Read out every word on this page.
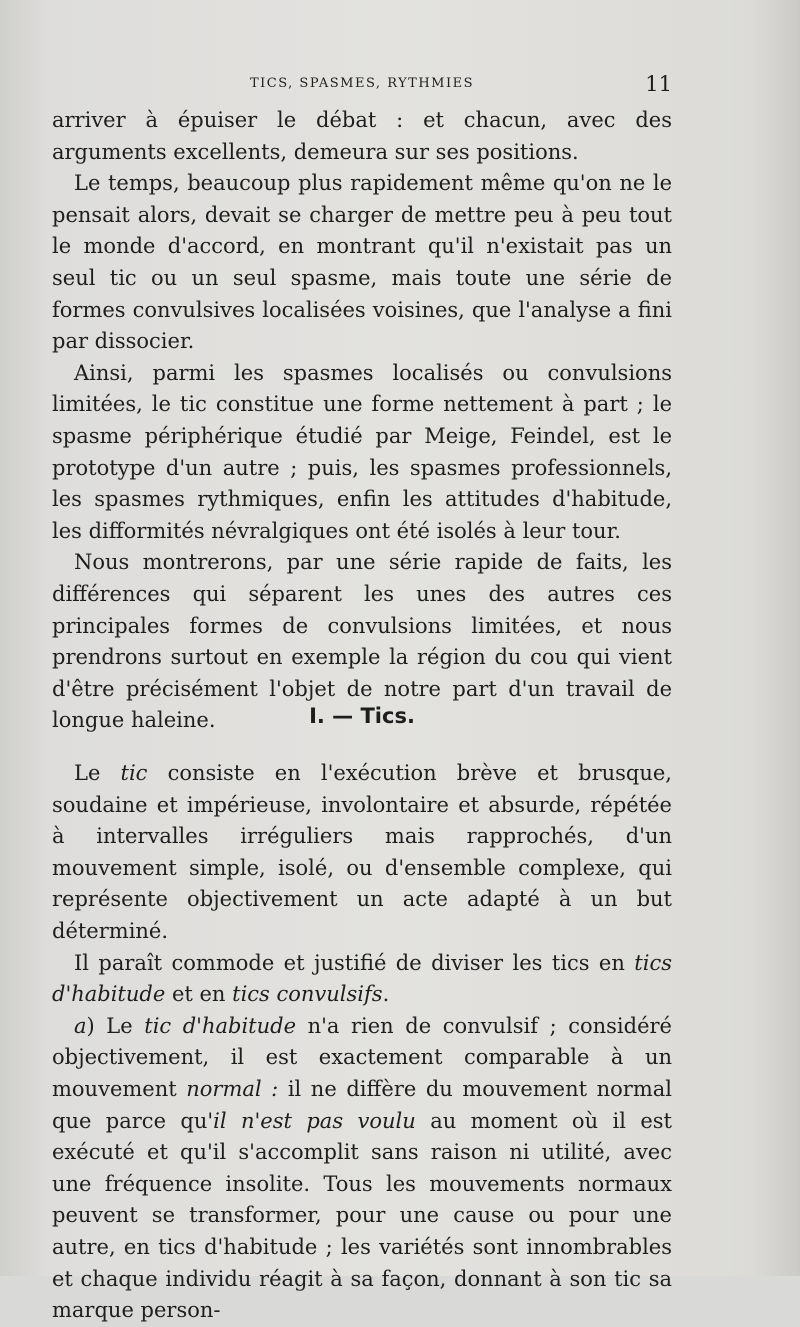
TICS, SPASMES, RYTHMIES	11

arriver à épuiser le débat : et chacun, avec des arguments excellents, demeura sur ses positions.

Le temps, beaucoup plus rapidement même qu'on ne le pensait alors, devait se charger de mettre peu à peu tout le monde d'accord, en montrant qu'il n'existait pas un seul tic ou un seul spasme, mais toute une série de formes convulsives localisées voisines, que l'analyse a fini par dissocier.

Ainsi, parmi les spasmes localisés ou convulsions limitées, le tic constitue une forme nettement à part ; le spasme périphérique étudié par Meige, Feindel, est le prototype d'un autre ; puis, les spasmes professionnels, les spasmes rythmiques, enfin les attitudes d'habitude, les difformités névralgiques ont été isolés à leur tour.

Nous montrerons, par une série rapide de faits, les différences qui séparent les unes des autres ces principales formes de convulsions limitées, et nous prendrons surtout en exemple la région du cou qui vient d'être précisément l'objet de notre part d'un travail de longue haleine.	I. — Tics.

Le tic consiste en l'exécution brève et brusque, soudaine et impérieuse, involontaire et absurde, répétée à intervalles irréguliers mais rapprochés, d'un mouvement simple, isolé, ou d'ensemble complexe, qui représente objectivement un acte adapté à un but déterminé.

Il paraît commode et justifié de diviser les tics en tics d'habitude et en tics convulsifs.

a) Le tic d'habitude n'a rien de convulsif ; considéré objectivement, il est exactement comparable à un mouvement normal : il ne diffère du mouvement normal que parce qu'il n'est pas voulu au moment où il est exécuté et qu'il s'accomplit sans raison ni utilité, avec une fréquence insolite. Tous les mouvements normaux peuvent se transformer, pour une cause ou pour une autre, en tics d'habitude ; les variétés sont innombrables et chaque individu réagit à sa façon, donnant à son tic sa marque person-
